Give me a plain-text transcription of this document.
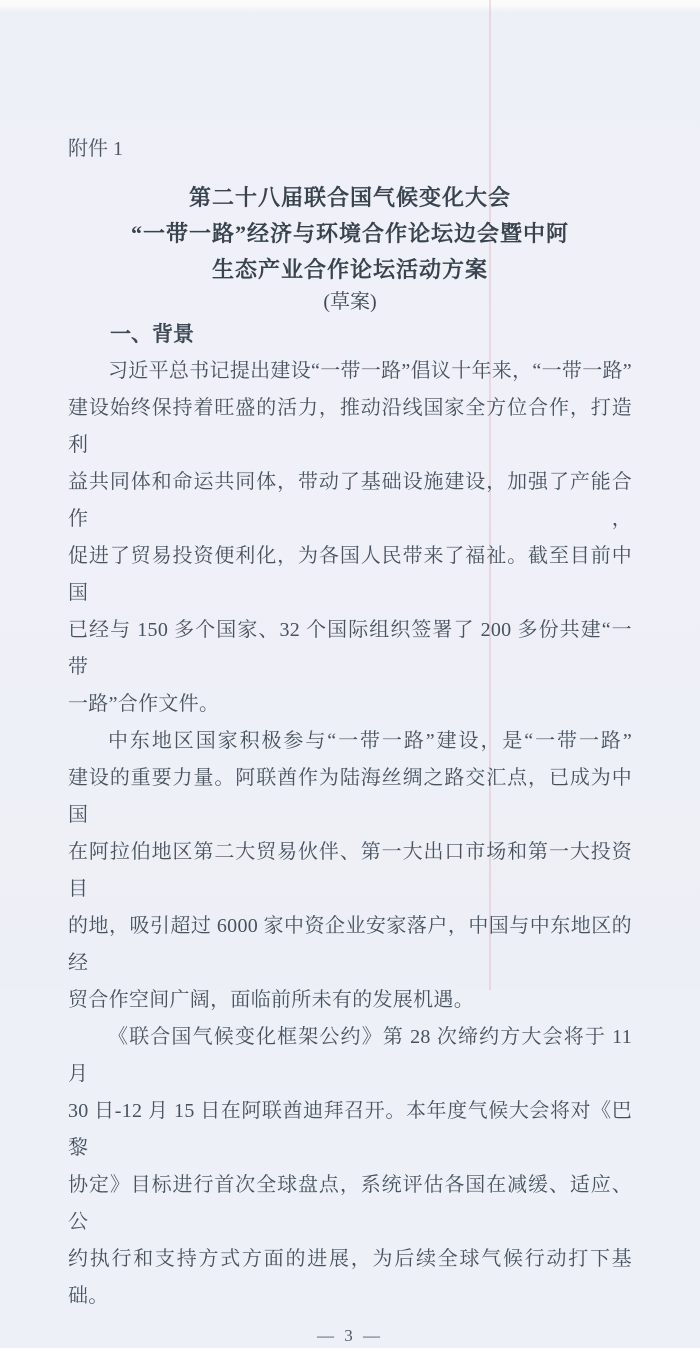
附件 1
第二十八届联合国气候变化大会
“一带一路”经济与环境合作论坛边会暨中阿
生态产业合作论坛活动方案
(草案)
一、背景
习近平总书记提出建设“一带一路”倡议十年来，“一带一路”
建设始终保持着旺盛的活力，推动沿线国家全方位合作，打造利
益共同体和命运共同体，带动了基础设施建设，加强了产能合作，
促进了贸易投资便利化，为各国人民带来了福祉。截至目前中国
已经与 150 多个国家、32 个国际组织签署了 200 多份共建“一带
一路”合作文件。
中东地区国家积极参与“一带一路”建设，是“一带一路”
建设的重要力量。阿联酋作为陆海丝绸之路交汇点，已成为中国
在阿拉伯地区第二大贸易伙伴、第一大出口市场和第一大投资目
的地，吸引超过 6000 家中资企业安家落户，中国与中东地区的经
贸合作空间广阔，面临前所未有的发展机遇。
《联合国气候变化框架公约》第 28 次缔约方大会将于 11 月
30 日-12 月 15 日在阿联酋迪拜召开。本年度气候大会将对《巴黎
协定》目标进行首次全球盘点，系统评估各国在减缓、适应、公
约执行和支持方式方面的进展，为后续全球气候行动打下基础。
— 3 —
